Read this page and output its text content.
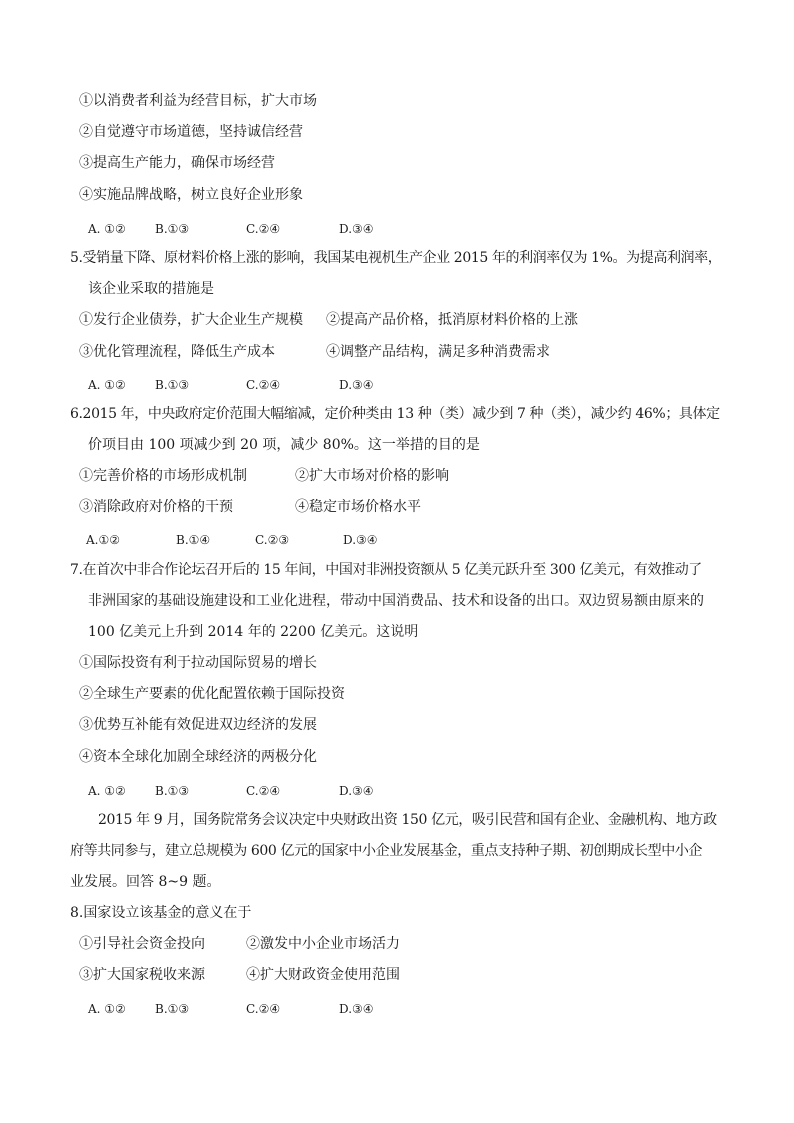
①以消费者利益为经营目标，扩大市场
②自觉遵守市场道德，坚持诚信经营
③提高生产能力，确保市场经营
④实施品牌战略，树立良好企业形象
A. ①② B.①③	C.②④	D.③④
5.受销量下降、原材料价格上涨的影响，我国某电视机生产企业 2015 年的利润率仅为 1%。为提高利润率，
该企业采取的措施是
①发行企业债券，扩大企业生产规模 ②提高产品价格，抵消原材料价格的上涨
③优化管理流程，降低生产成本	④调整产品结构，满足多种消费需求
A. ①② B.①③	C.②④	D.③④
6.2015 年，中央政府定价范围大幅缩减，定价种类由 13 种（类）减少到 7 种（类），减少约 46%；具体定
价项目由 100 项减少到 20 项，减少 80%。这一举措的目的是
①完善价格的市场形成机制	②扩大市场对价格的影响
③消除政府对价格的干预	④稳定市场价格水平
A.①②	B.①④	C.②③	D.③④
7.在首次中非合作论坛召开后的 15 年间，中国对非洲投资额从 5 亿美元跃升至 300 亿美元，有效推动了
非洲国家的基础设施建设和工业化进程，带动中国消费品、技术和设备的出口。双边贸易额由原来的
100 亿美元上升到 2014 年的 2200 亿美元。这说明
①国际投资有利于拉动国际贸易的增长
②全球生产要素的优化配置依赖于国际投资
③优势互补能有效促进双边经济的发展
④资本全球化加剧全球经济的两极分化
A. ①② B.①③	C.②④	D.③④
2015 年 9 月，国务院常务会议决定中央财政出资 150 亿元，吸引民营和国有企业、金融机构、地方政
府等共同参与，建立总规模为 600 亿元的国家中小企业发展基金，重点支持种子期、初创期成长型中小企
业发展。回答 8~9 题。
8.国家设立该基金的意义在于
①引导社会资金投向	②激发中小企业市场活力
③扩大国家税收来源	④扩大财政资金使用范围
A. ①② B.①③	C.②④	D.③④
